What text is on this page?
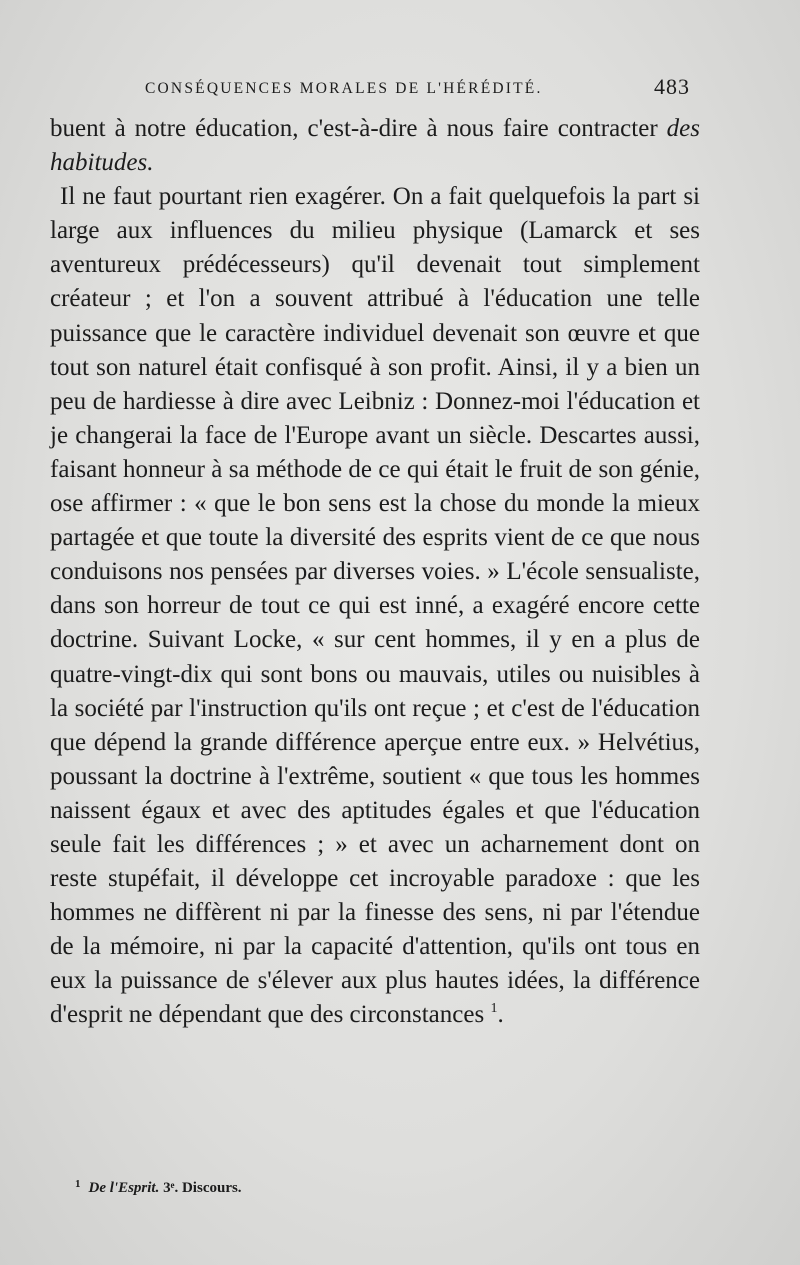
CONSÉQUENCES MORALES DE L'HÉRÉDITÉ.	483

buent à notre éducation, c'est-à-dire à nous faire contracter des habitudes.

Il ne faut pourtant rien exagérer. On a fait quelquefois la part si large aux influences du milieu physique (Lamarck et ses aventureux prédécesseurs) qu'il devenait tout simplement créateur ; et l'on a souvent attribué à l'éducation une telle puissance que le caractère individuel devenait son œuvre et que tout son naturel était confisqué à son profit. Ainsi, il y a bien un peu de hardiesse à dire avec Leibniz : Donnez-moi l'éducation et je changerai la face de l'Europe avant un siècle. Descartes aussi, faisant honneur à sa méthode de ce qui était le fruit de son génie, ose affirmer : « que le bon sens est la chose du monde la mieux partagée et que toute la diversité des esprits vient de ce que nous conduisons nos pensées par diverses voies. » L'école sensualiste, dans son horreur de tout ce qui est inné, a exagéré encore cette doctrine. Suivant Locke, « sur cent hommes, il y en a plus de quatre-vingt-dix qui sont bons ou mauvais, utiles ou nuisibles à la société par l'instruction qu'ils ont reçue ; et c'est de l'éducation que dépend la grande différence aperçue entre eux. » Helvétius, poussant la doctrine à l'extrême, soutient « que tous les hommes naissent égaux et avec des aptitudes égales et que l'éducation seule fait les différences ; » et avec un acharnement dont on reste stupéfait, il développe cet incroyable paradoxe : que les hommes ne diffèrent ni par la finesse des sens, ni par l'étendue de la mémoire, ni par la capacité d'attention, qu'ils ont tous en eux la puissance de s'élever aux plus hautes idées, la différence d'esprit ne dépendant que des circonstances $^1$.

$^1$ De l'Esprit. 3ᵉ. Discours.
